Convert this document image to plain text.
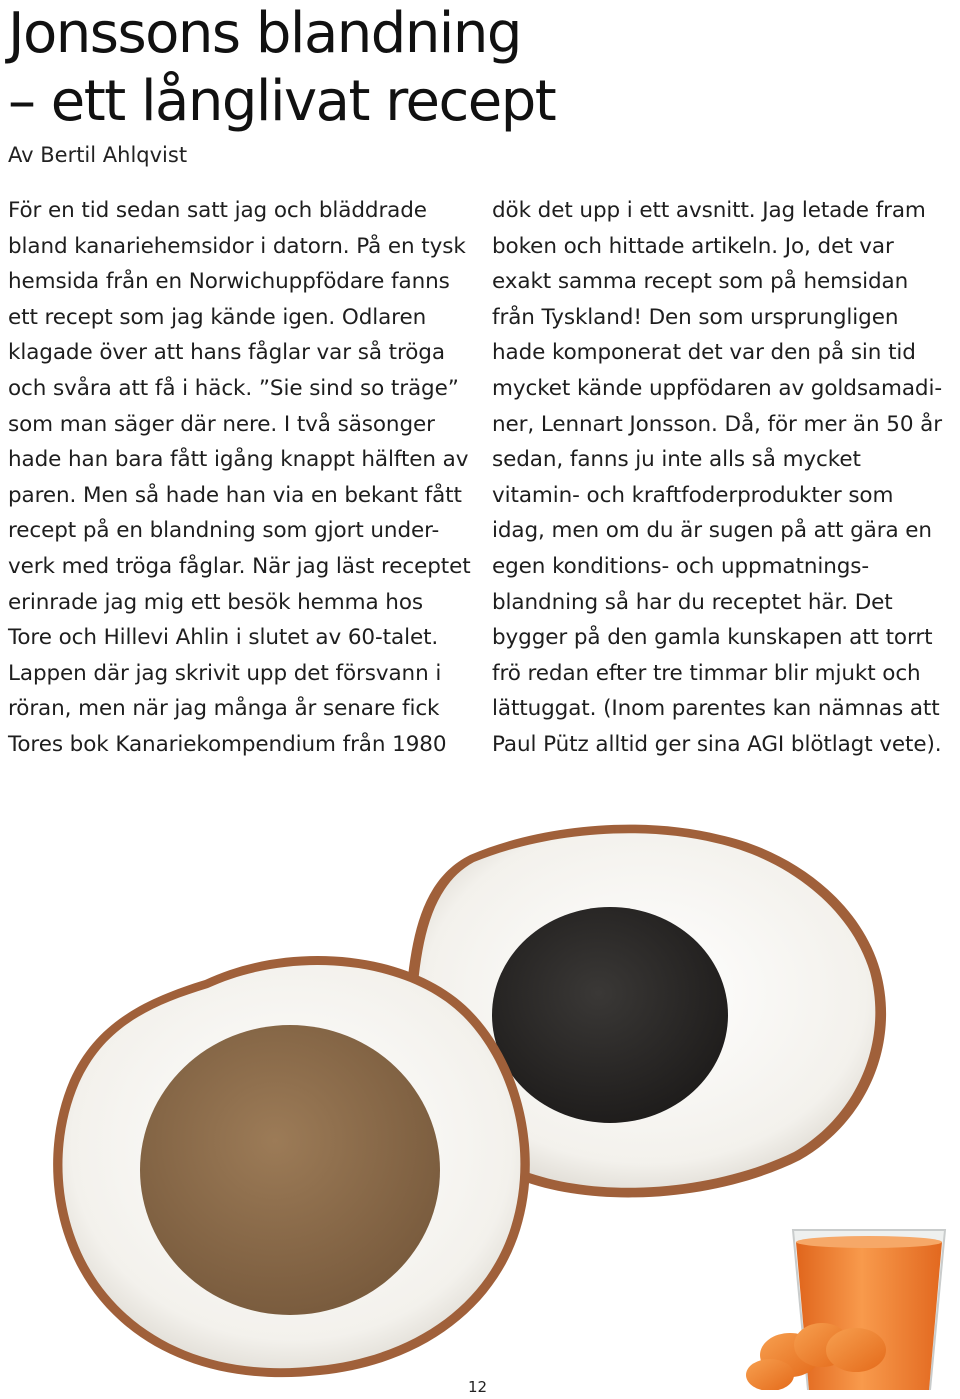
Jonssons blandning
– ett långlivat recept
Av Bertil Ahlqvist
För en tid sedan satt jag och bläddrade
bland kanariehemsidor i datorn. På en tysk
hemsida från en Norwichuppfödare fanns
ett recept som jag kände igen. Odlaren
klagade över att hans fåglar var så tröga
och svåra att få i häck. ”Sie sind so träge”
som man säger där nere. I två säsonger
hade han bara fått igång knappt hälften av
paren. Men så hade han via en bekant fått
recept på en blandning som gjort under-
verk med tröga fåglar. När jag läst receptet
erinrade jag mig ett besök hemma hos
Tore och Hillevi Ahlin i slutet av 60-talet.
Lappen där jag skrivit upp det försvann i
röran, men när jag många år senare fick
Tores bok Kanariekompendium från 1980
dök det upp i ett avsnitt. Jag letade fram
boken och hittade artikeln. Jo, det var
exakt samma recept som på hemsidan
från Tyskland! Den som ursprungligen
hade komponerat det var den på sin tid
mycket kände uppfödaren av goldsamadi-
ner, Lennart Jonsson. Då, för mer än 50 år
sedan, fanns ju inte alls så mycket
vitamin- och kraftfoderprodukter som
idag, men om du är sugen på att gära en
egen konditions- och uppmatnings-
blandning så har du receptet här. Det
bygger på den gamla kunskapen att torrt
frö redan efter tre timmar blir mjukt och
lättuggat. (Inom parentes kan nämnas att
Paul Pütz alltid ger sina AGI blötlagt vete).
12
